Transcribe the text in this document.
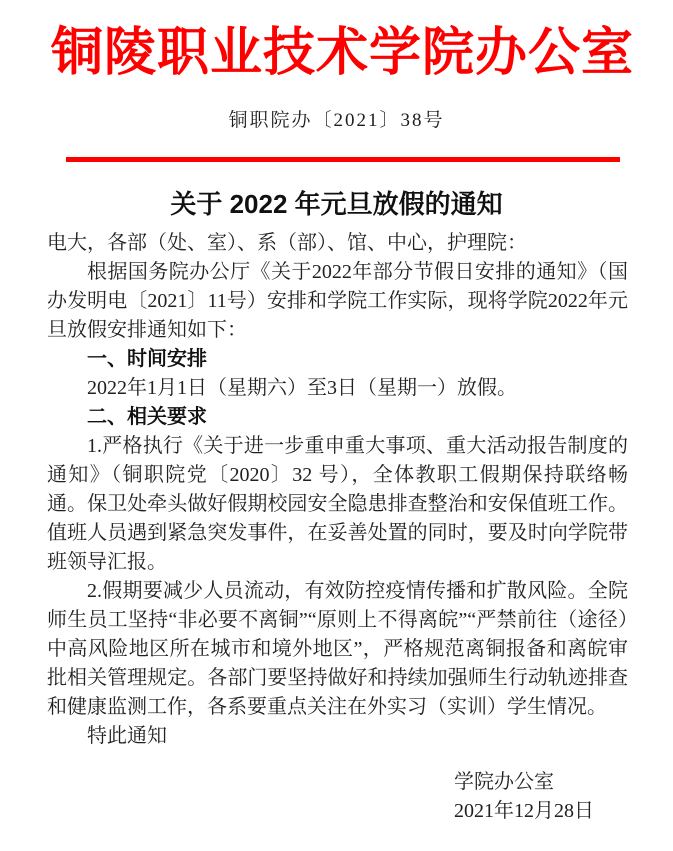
铜陵职业技术学院办公室
铜职院办〔2021〕38号
关于 2022 年元旦放假的通知

电大，各部（处、室）、系（部）、馆、中心，护理院：

根据国务院办公厅《关于2022年部分节假日安排的通知》（国办发明电〔2021〕11号）安排和学院工作实际，现将学院2022年元旦放假安排通知如下：

一、时间安排

2022年1月1日（星期六）至3日（星期一）放假。

二、相关要求

1.严格执行《关于进一步重申重大事项、重大活动报告制度的通知》（铜职院党〔2020〕32 号），全体教职工假期保持联络畅通。保卫处牵头做好假期校园安全隐患排查整治和安保值班工作。值班人员遇到紧急突发事件，在妥善处置的同时，要及时向学院带班领导汇报。

2.假期要减少人员流动，有效防控疫情传播和扩散风险。全院师生员工坚持“非必要不离铜”“原则上不得离皖”“严禁前往（途径）中高风险地区所在城市和境外地区”，严格规范离铜报备和离皖审批相关管理规定。各部门要坚持做好和持续加强师生行动轨迹排查和健康监测工作，各系要重点关注在外实习（实训）学生情况。

特此通知

学院办公室
2021年12月28日
